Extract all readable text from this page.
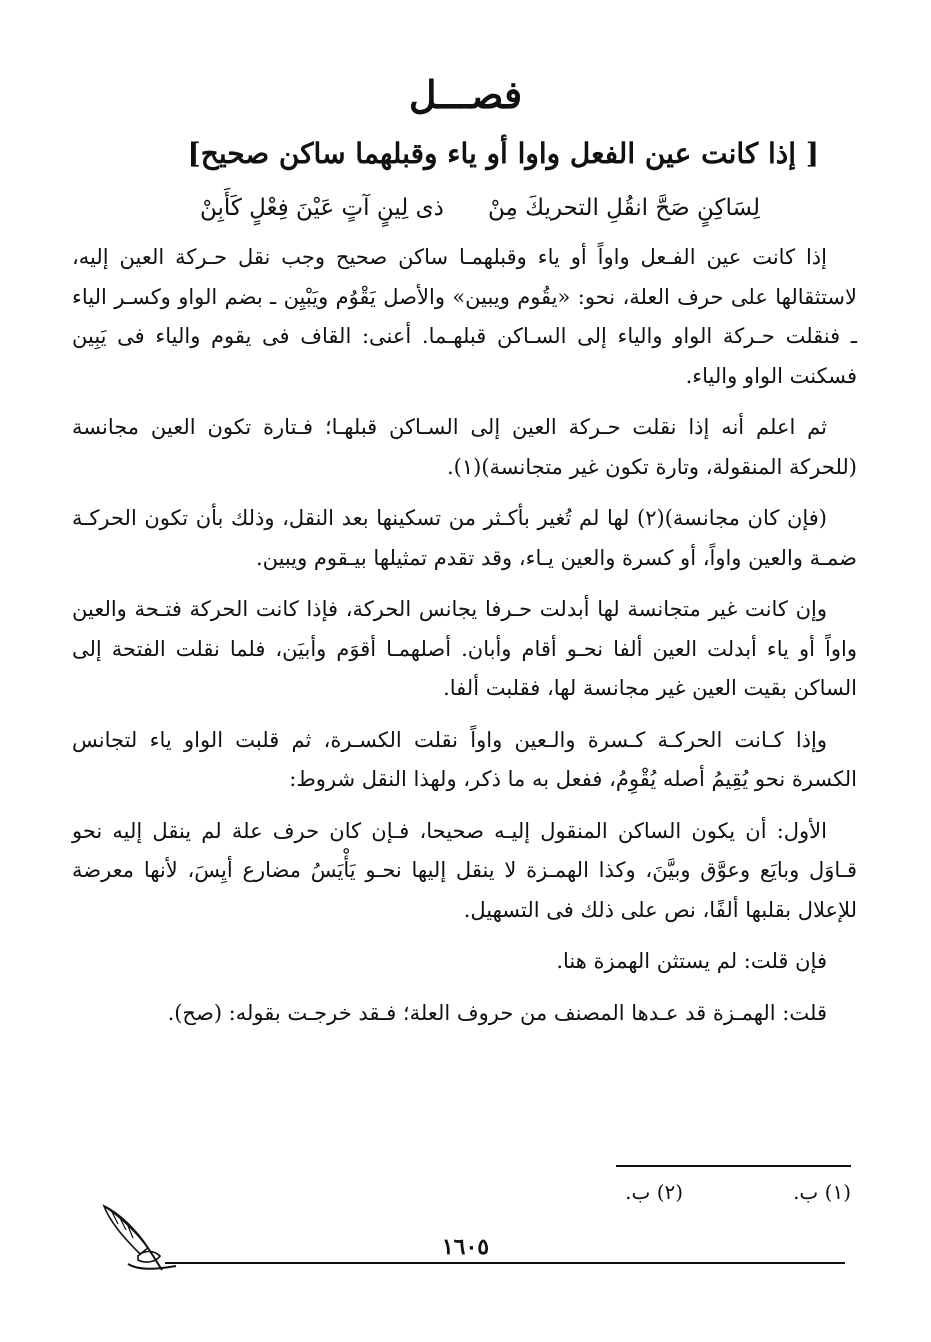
فصـــل
[ إذا كانت عين الفعل واوا أو ياء وقبلهما ساكن صحيح]
لِسَاكِنٍ صَحَّ انقُلِ التحريكَ مِنْ
ذى لِينٍ آتٍ عَيْنَ فِعْلٍ كَأَبِنْ

إذا كانت عين الفـعل واواً أو ياء وقبلهمـا ساكن صحيح وجب نقل حـركة العين إليه، لاستثقالها على حرف العلة، نحو: «يقُوم ويبين» والأصل يَقْوُم ويَبْيِن ـ بضم الواو وكسـر الياء ـ فنقلت حـركة الواو والياء إلى السـاكن قبلهـما. أعنى: القاف فى يقوم والياء فى يَبِين فسكنت الواو والياء.

ثم اعلم أنه إذا نقلت حـركة العين إلى السـاكن قبلهـا؛ فـتارة تكون العين مجانسة (للحركة المنقولة، وتارة تكون غير متجانسة)(١).

(فإن كان مجانسة)(٢) لها لم تُغير بأكـثر من تسكينها بعد النقل، وذلك بأن تكون الحركـة ضمـة والعين واواً، أو كسرة والعين يـاء، وقد تقدم تمثيلها بيـقوم ويبين.

وإن كانت غير متجانسة لها أبدلت حـرفا يجانس الحركة، فإذا كانت الحركة فتـحة والعين واواً أو ياء أبدلت العين ألفا نحـو أقام وأبان. أصلهمـا أقوَم وأبيَن، فلما نقلت الفتحة إلى الساكن بقيت العين غير مجانسة لها، فقلبت ألفا.

وإذا كـانت الحركـة كـسرة والـعين واواً نقلت الكسـرة، ثم قلبت الواو ياء لتجانس الكسرة نحو يُقِيمُ أصله يُقْوِمُ، ففعل به ما ذكر، ولهذا النقل شروط:

الأول: أن يكون الساكن المنقول إليـه صحيحا، فـإن كان حرف علة لم ينقل إليه نحو قـاوَل وبايَع وعوَّق وبيَّنَ، وكذا الهمـزة لا ينقل إليها نحـو يَأْيَسُ مضارع أيِسَ، لأنها معرضة للإعلال بقلبها ألفًا، نص على ذلك فى التسهيل.

فإن قلت: لم يستثن الهمزة هنا.

قلت: الهمـزة قد عـدها المصنف من حروف العلة؛ فـقد خرجـت بقوله: (صح).

(١) ب.
(٢) ب.
١٦٠٥
